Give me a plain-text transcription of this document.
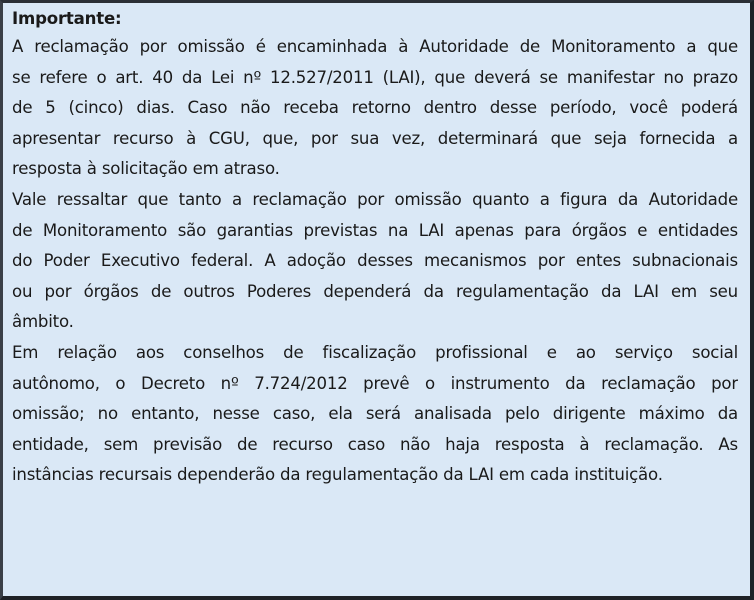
Importante:
A reclamação por omissão é encaminhada à Autoridade de Monitoramento a que
se refere o art. 40 da Lei nº 12.527/2011 (LAI), que deverá se manifestar no prazo
de 5 (cinco) dias. Caso não receba retorno dentro desse período, você poderá
apresentar recurso à CGU, que, por sua vez, determinará que seja fornecida a
resposta à solicitação em atraso.
Vale ressaltar que tanto a reclamação por omissão quanto a figura da Autoridade
de Monitoramento são garantias previstas na LAI apenas para órgãos e entidades
do Poder Executivo federal. A adoção desses mecanismos por entes subnacionais
ou por órgãos de outros Poderes dependerá da regulamentação da LAI em seu
âmbito.
Em relação aos conselhos de fiscalização profissional e ao serviço social
autônomo, o Decreto nº 7.724/2012 prevê o instrumento da reclamação por
omissão; no entanto, nesse caso, ela será analisada pelo dirigente máximo da
entidade, sem previsão de recurso caso não haja resposta à reclamação. As
instâncias recursais dependerão da regulamentação da LAI em cada instituição.
